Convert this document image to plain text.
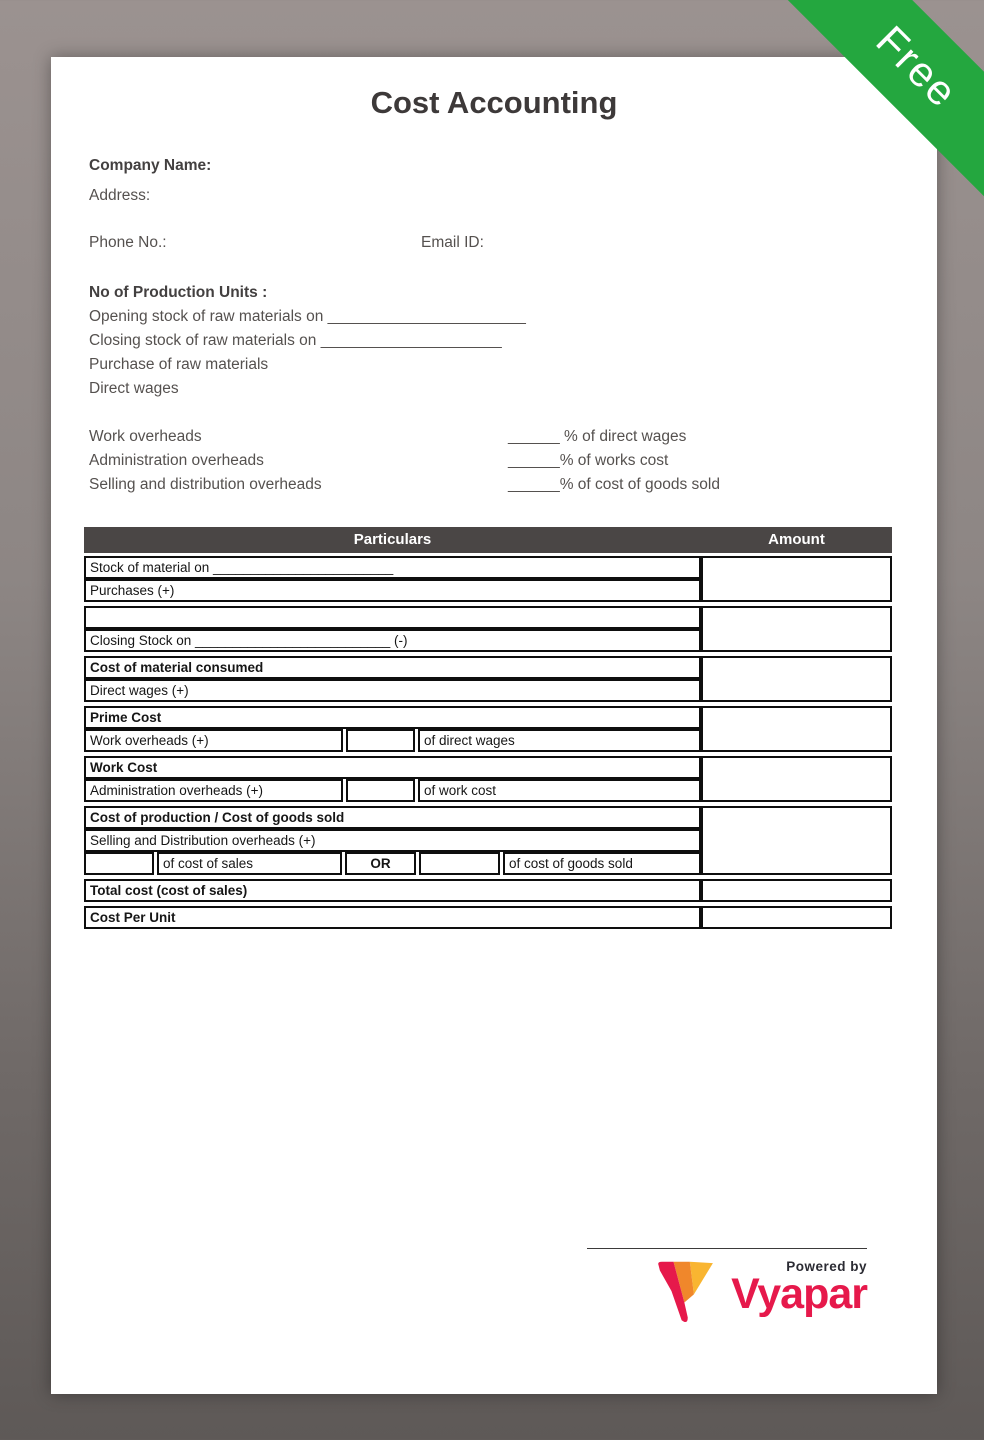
Cost Accounting
Company Name:
Address:
Phone No.:	Email ID:
No of Production Units :
Opening stock of raw materials on _______________________
Closing stock of raw materials on _____________________
Purchase of raw materials
Direct wages
Work overheads	______ % of direct wages
Administration overheads	______% of works cost
Selling and distribution overheads	______% of cost of goods sold
Particulars	Amount
Stock of material on ________________________
Purchases (+)
Closing Stock on __________________________ (-)
Cost of material consumed
Direct wages (+)
Prime Cost
Work overheads (+)	of direct wages
Work Cost
Administration overheads (+)	of work cost
Cost of production / Cost of goods sold
Selling and Distribution overheads (+)
of cost of sales	OR	of cost of goods sold
Total cost (cost of sales)
Cost Per Unit
Powered by
Vyapar
Free
